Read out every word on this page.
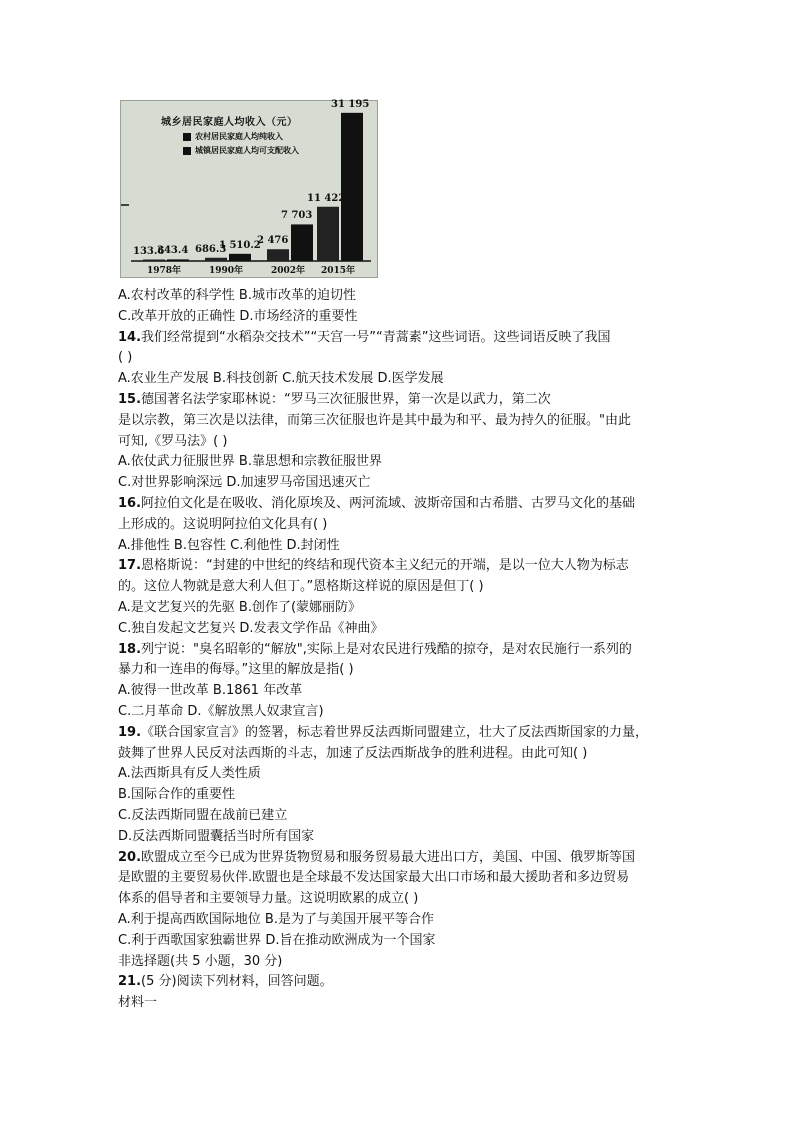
城乡居民家庭人均收入（元）
农村居民家庭人均纯收入
城镇居民家庭人均可支配收入
133.6
343.4
1978年
686.3
1 510.2
1990年
2 476
7 703
2002年
11 422
31 195
2015年
A.农村改革的科学性 B.城市改革的迫切性
C.改革开放的正确性 D.市场经济的重要性
14.我们经常提到“水稻杂交技术”“天宫一号”“青蒿素”这些词语。这些词语反映了我国
( )
A.农业生产发展 B.科技创新 C.航天技术发展 D.医学发展
15.德国著名法学家耶林说：“罗马三次征服世界，第一次是以武力，第二次
是以宗教，第三次是以法律，而第三次征服也许是其中最为和平、最为持久的征服。"由此
可知,《罗马法》( )
A.依仗武力征服世界 B.靠思想和宗教征服世界
C.对世界影响深远 D.加速罗马帝国迅速灭亡
16.阿拉伯文化是在吸收、消化原埃及、两河流域、波斯帝国和古希腊、古罗马文化的基础
上形成的。这说明阿拉伯文化具有( )
A.排他性 B.包容性 C.利他性 D.封闭性
17.恩格斯说：“封建的中世纪的终结和现代资本主义纪元的开端，是以一位大人物为标志
的。这位人物就是意大利人但丁。”恩格斯这样说的原因是但丁( )
A.是文艺复兴的先驱 B.创作了(蒙娜丽防》
C.独自发起文艺复兴 D.发表文学作品《神曲》
18.列宁说："臭名昭彰的“解放",实际上是对农民进行残酷的掠夺，是对农民施行一系列的
暴力和一连串的侮辱。”这里的解放是指( )
A.彼得一世改革 B.1861 年改革
C.二月革命 D.《解放黑人奴隶宣言)
19.《联合国家宣言》的签署，标志着世界反法西斯同盟建立，壮大了反法西斯国家的力量，
鼓舞了世界人民反对法西斯的斗志，加速了反法西斯战争的胜利进程。由此可知( )
A.法西斯具有反人类性质
B.国际合作的重要性
C.反法西斯同盟在战前已建立
D.反法西斯同盟囊括当时所有国家
20.欧盟成立至今已成为世界货物贸易和服务贸易最大进出口方，美国、中国、俄罗斯等国
是欧盟的主要贸易伙伴.欧盟也是全球最不发达国家最大出口市场和最大援助者和多边贸易
体系的倡导者和主要领导力量。这说明欧累的成立( )
A.利于提高西欧国际地位 B.是为了与美国开展平等合作
C.利于西歌国家独霸世界 D.旨在推动欧洲成为一个国家
非选择题(共 5 小题，30 分)
21.(5 分)阅读下列材料，回答问题。
材料一
